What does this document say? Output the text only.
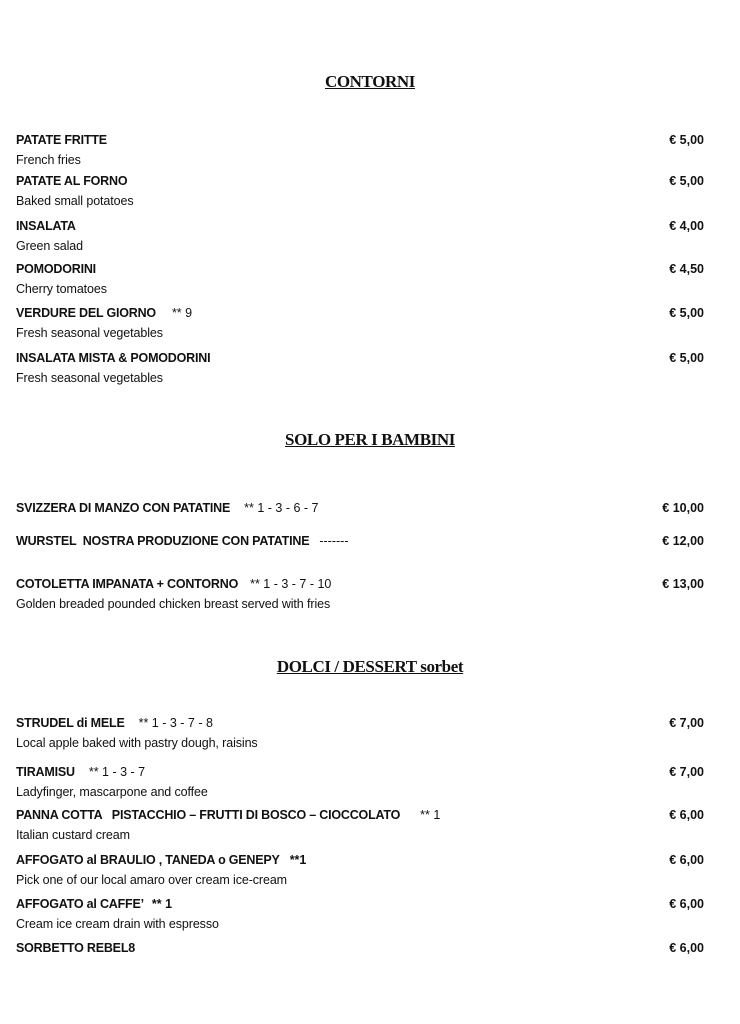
CONTORNI
PATATE FRITTE	€ 5,00
French fries
PATATE AL FORNO	€ 5,00
Baked small potatoes
INSALATA	€ 4,00
Green salad
POMODORINI	€ 4,50
Cherry tomatoes
VERDURE DEL GIORNO ** 9	€ 5,00
Fresh seasonal vegetables
INSALATA MISTA & POMODORINI	€ 5,00
Fresh seasonal vegetables
SOLO PER I BAMBINI
SVIZZERA DI MANZO CON PATATINE ** 1 - 3 - 6 - 7	€ 10,00
WURSTEL  NOSTRA PRODUZIONE CON PATATINE -------	€ 12,00
COTOLETTA IMPANATA + CONTORNO ** 1 - 3 - 7 - 10	€ 13,00
Golden breaded pounded chicken breast served with fries
DOLCI / DESSERT sorbet
STRUDEL di MELE ** 1 - 3 - 7 - 8	€ 7,00
Local apple baked with pastry dough, raisins
TIRAMISU ** 1 - 3 - 7	€ 7,00
Ladyfinger, mascarpone and coffee
PANNA COTTA   PISTACCHIO – FRUTTI DI BOSCO – CIOCCOLATO ** 1	€ 6,00
Italian custard cream
AFFOGATO al BRAULIO , TANEDA o GENEPY **1	€ 6,00
Pick one of our local amaro over cream ice-cream
AFFOGATO al CAFFE’ ** 1	€ 6,00
Cream ice cream drain with espresso
SORBETTO REBEL8	€ 6,00
